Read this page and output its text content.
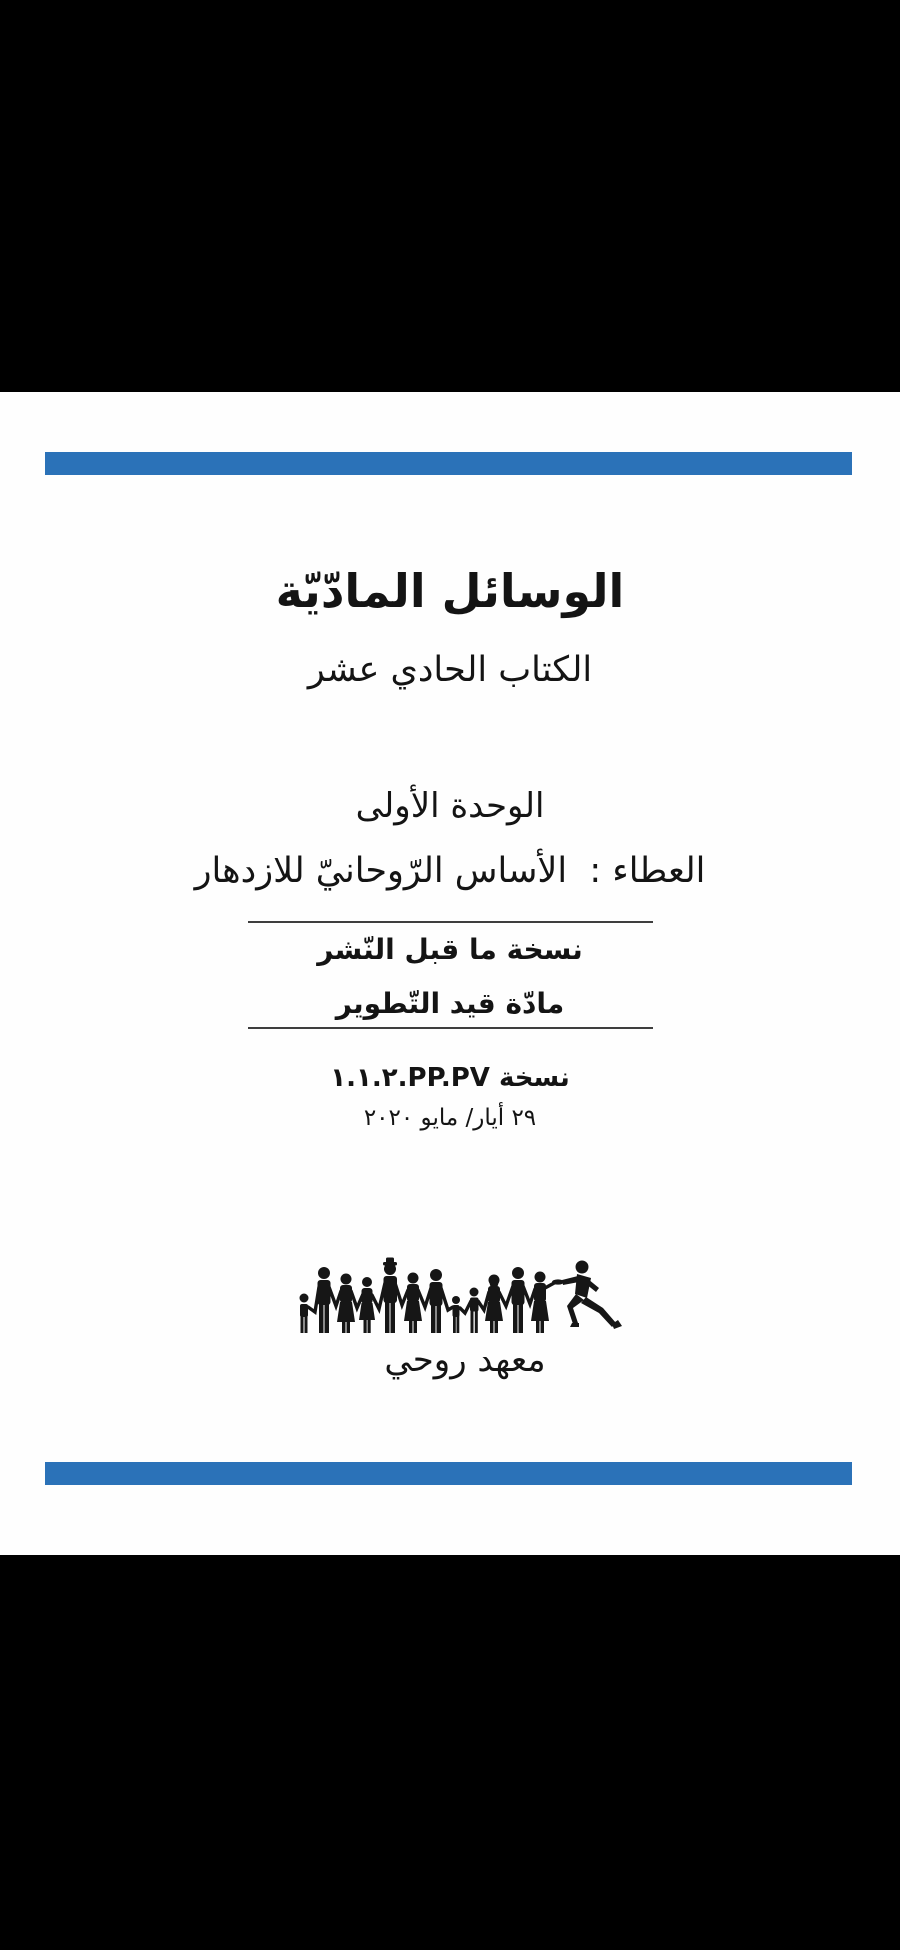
الوسائل المادّيّة
الكتاب الحادي عشر
الوحدة الأولى
العطاء :  الأساس الرّوحانيّ للازدهار
نسخة ما قبل النّشر
مادّة قيد التّطوير
نسخة ١.١.٢.PP.PV
٢٩ أيار/ مايو ٢٠٢٠
معهد روحي
